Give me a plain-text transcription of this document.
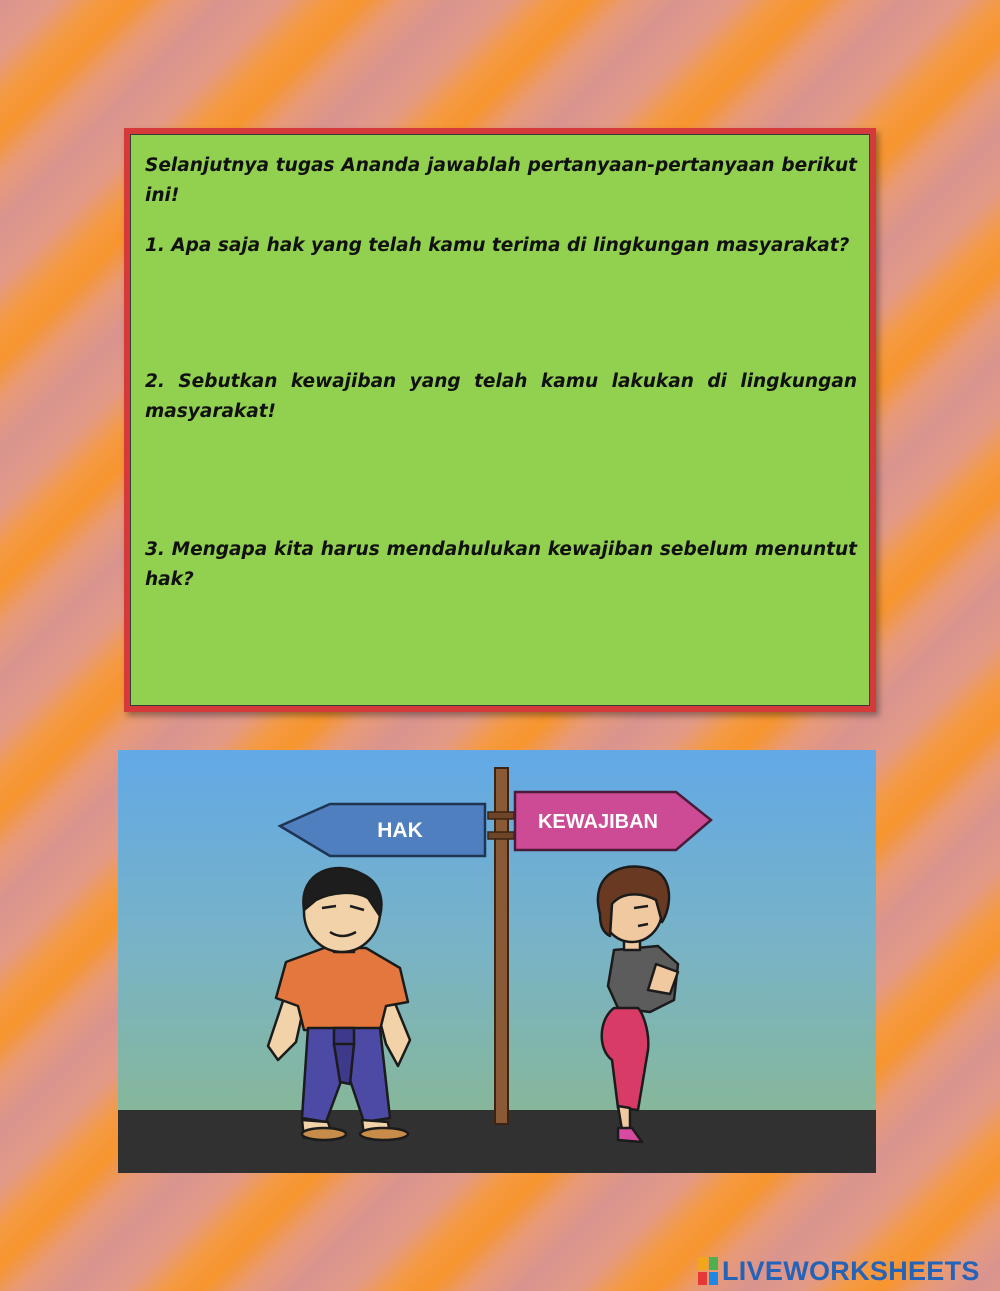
Selanjutnya tugas Ananda jawablah pertanyaan-pertanyaan berikut ini!

1. Apa saja hak yang telah kamu terima di lingkungan masyarakat?

2. Sebutkan kewajiban yang telah kamu lakukan di lingkungan masyarakat!

3. Mengapa kita harus mendahulukan kewajiban sebelum menuntut hak?

HAK	KEWAJIBAN
LIVEWORKSHEETS
